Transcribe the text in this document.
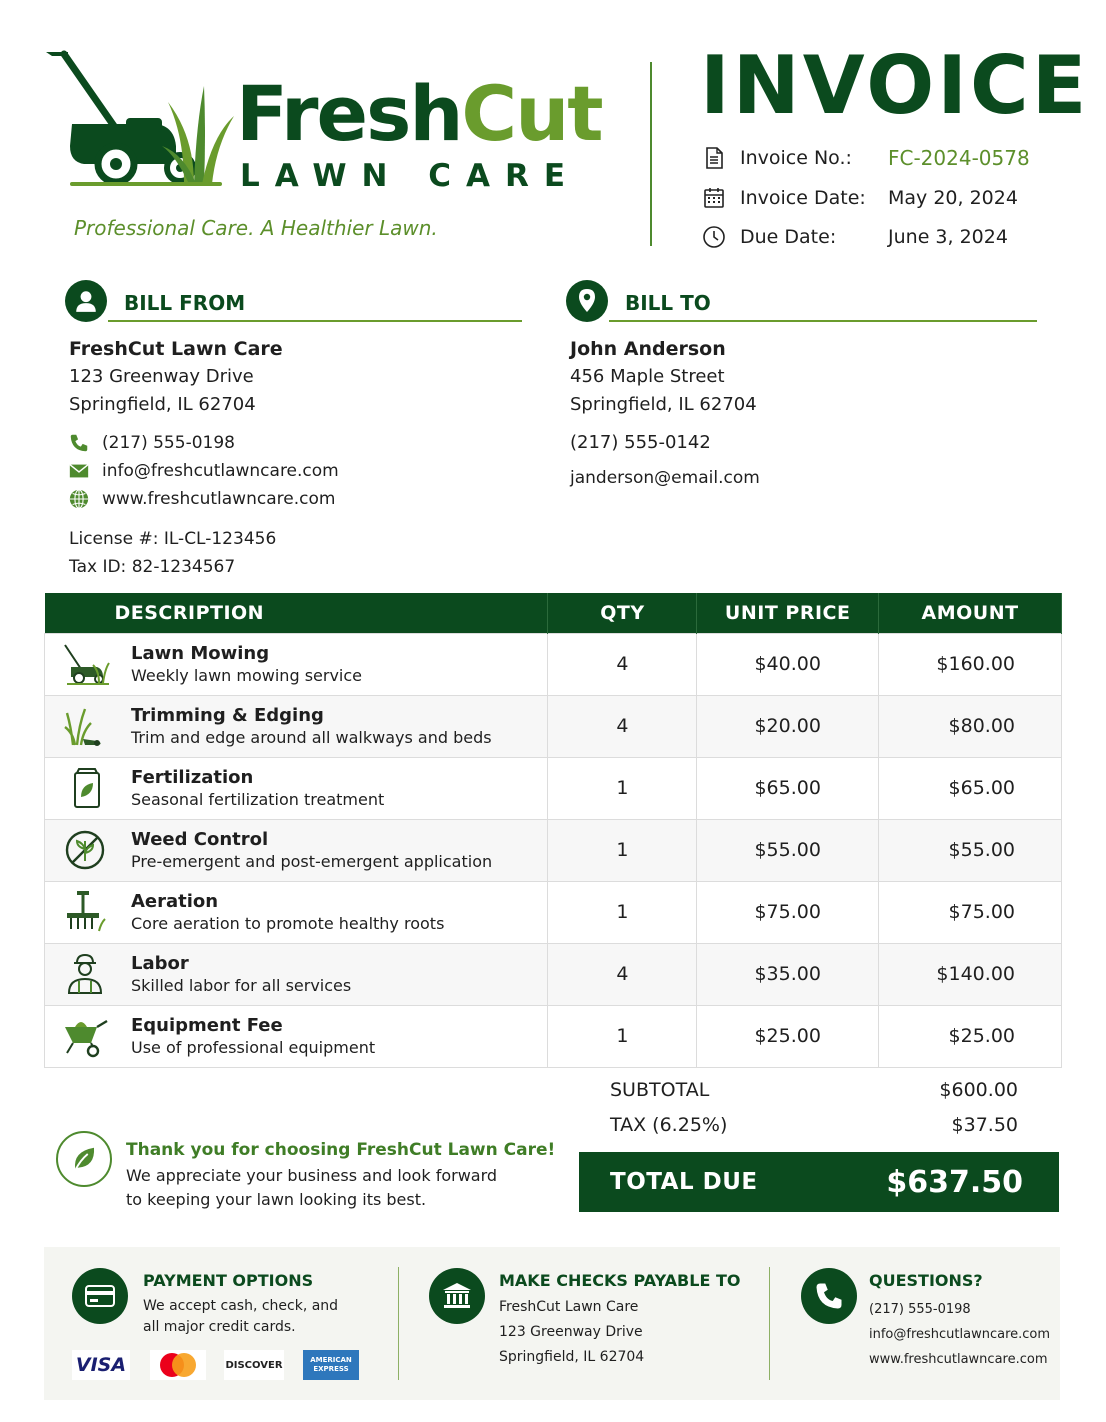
FreshCut
LAWN CARE
Professional Care. A Healthier Lawn.
INVOICE
Invoice No.:	FC-2024-0578
Invoice Date:	May 20, 2024
Due Date:	June 3, 2024
BILL FROM
FreshCut Lawn Care
123 Greenway Drive
Springfield, IL 62704
(217) 555-0198
info@freshcutlawncare.com
www.freshcutlawncare.com
License #: IL-CL-123456
Tax ID: 82-1234567
BILL TO
John Anderson
456 Maple Street
Springfield, IL 62704
(217) 555-0142
janderson@email.com
DESCRIPTION	QTY	UNIT PRICE	AMOUNT

Lawn Mowing
Weekly lawn mowing service	4	$40.00	$160.00

Trimming & Edging
Trim and edge around all walkways and beds	4	$20.00	$80.00

Fertilization
Seasonal fertilization treatment	1	$65.00	$65.00

Weed Control
Pre-emergent and post-emergent application	1	$55.00	$55.00

Aeration
Core aeration to promote healthy roots	1	$75.00	$75.00

Labor
Skilled labor for all services	4	$35.00	$140.00

Equipment Fee
Use of professional equipment	1	$25.00	$25.00
SUBTOTAL	$600.00
TAX (6.25%)	$37.50
TOTAL DUE	$637.50
Thank you for choosing FreshCut Lawn Care!
We appreciate your business and look forward
to keeping your lawn looking its best.
PAYMENT OPTIONS
We accept cash, check, and
all major credit cards.
VISA	DISCOVER	AMERICAN EXPRESS
MAKE CHECKS PAYABLE TO
FreshCut Lawn Care
123 Greenway Drive
Springfield, IL 62704
QUESTIONS?
(217) 555-0198
info@freshcutlawncare.com
www.freshcutlawncare.com
